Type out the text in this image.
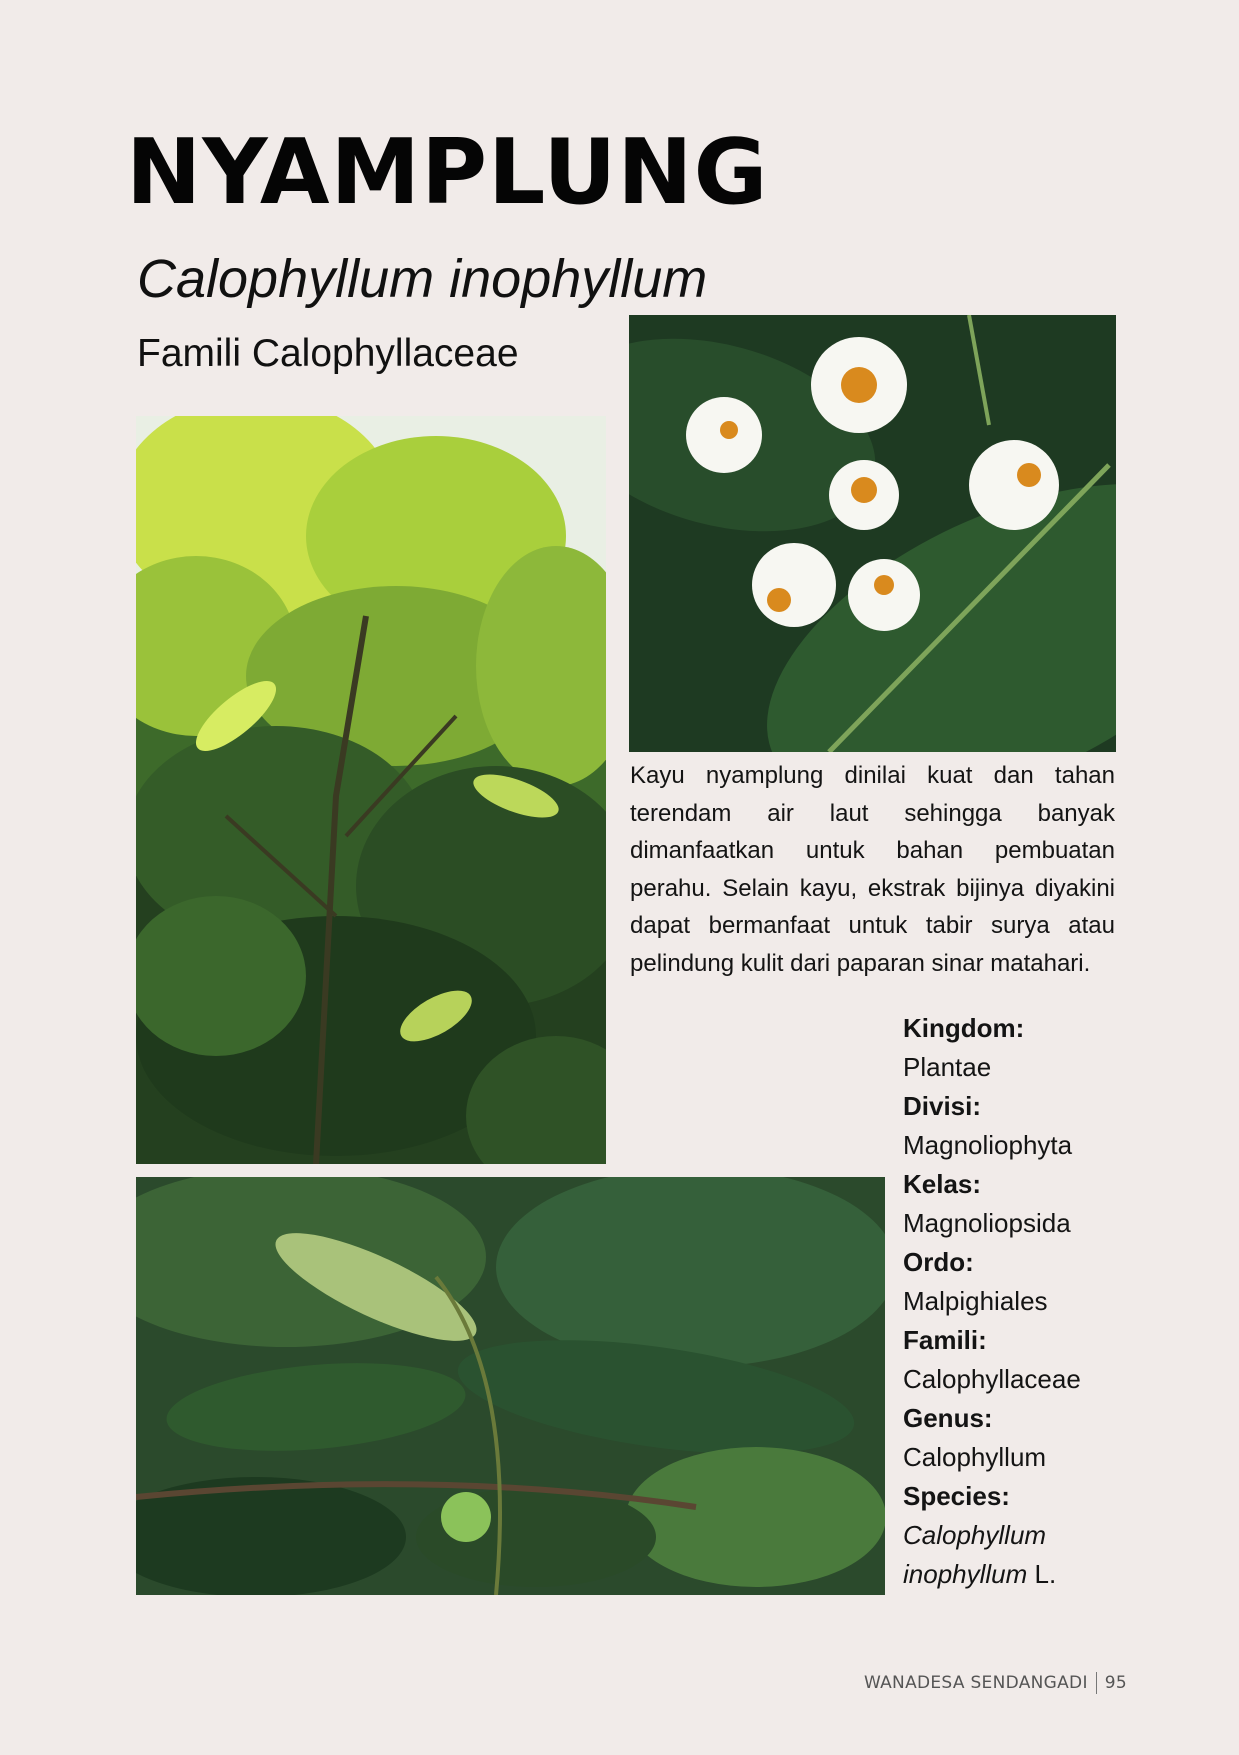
NYAMPLUNG
Calophyllum inophyllum
Famili Calophyllaceae
Kayu nyamplung dinilai kuat dan tahan terendam air laut sehingga banyak dimanfaatkan untuk bahan pembuatan perahu. Selain kayu, ekstrak bijinya diyakini dapat bermanfaat untuk tabir surya atau pelindung kulit dari paparan sinar matahari.
Kingdom:
Plantae
Divisi:
Magnoliophyta
Kelas:
Magnoliopsida
Ordo:
Malpighiales
Famili:
Calophyllaceae
Genus:
Calophyllum
Species:
Calophyllum
inophyllum L.
WANADESA SENDANGADI 95
